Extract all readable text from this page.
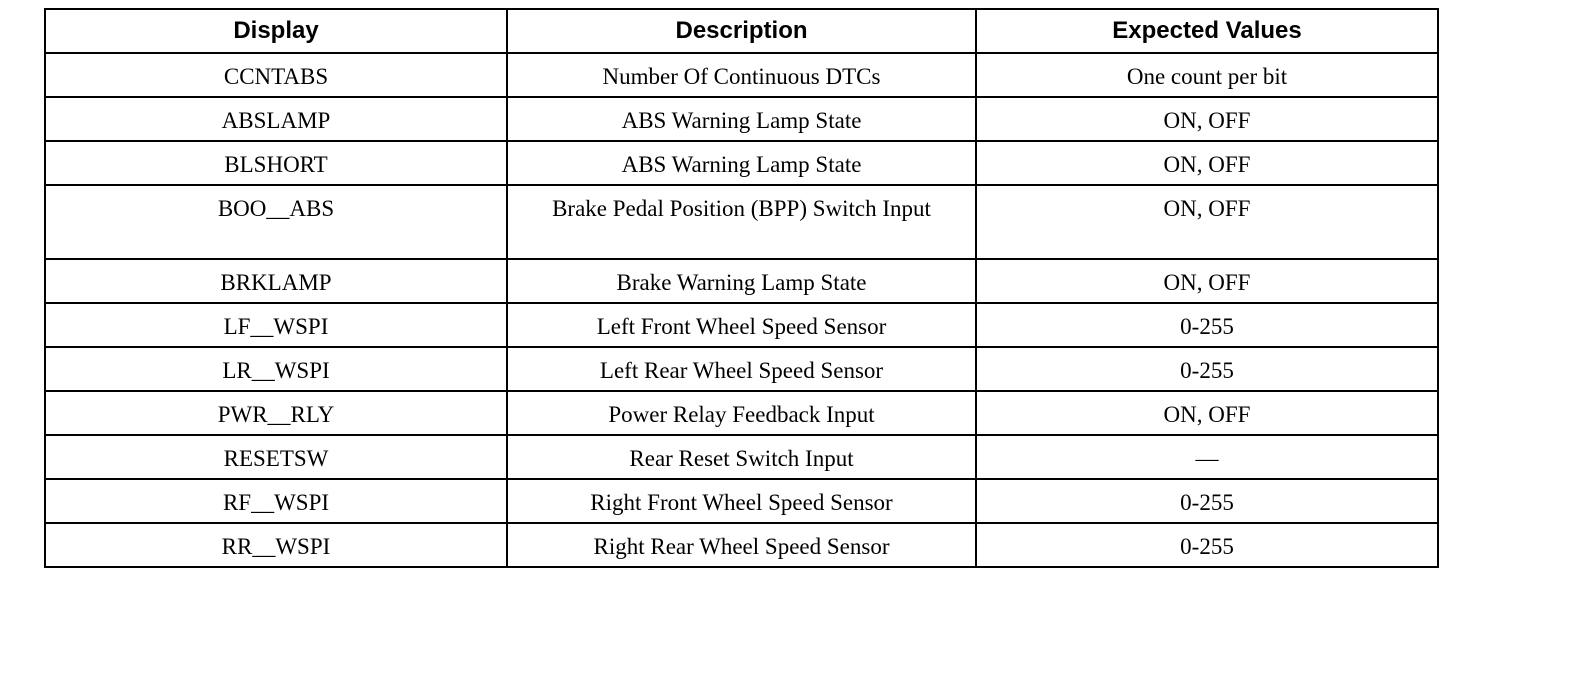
Display	Description	Expected Values
CCNTABS	Number Of Continuous DTCs	One count per bit
ABSLAMP	ABS Warning Lamp State	ON, OFF
BLSHORT	ABS Warning Lamp State	ON, OFF
BOO__ABS	Brake Pedal Position (BPP) Switch Input	ON, OFF
BRKLAMP	Brake Warning Lamp State	ON, OFF
LF__WSPI	Left Front Wheel Speed Sensor	0-255
LR__WSPI	Left Rear Wheel Speed Sensor	0-255
PWR__RLY	Power Relay Feedback Input	ON, OFF
RESETSW	Rear Reset Switch Input	—
RF__WSPI	Right Front Wheel Speed Sensor	0-255
RR__WSPI	Right Rear Wheel Speed Sensor	0-255
